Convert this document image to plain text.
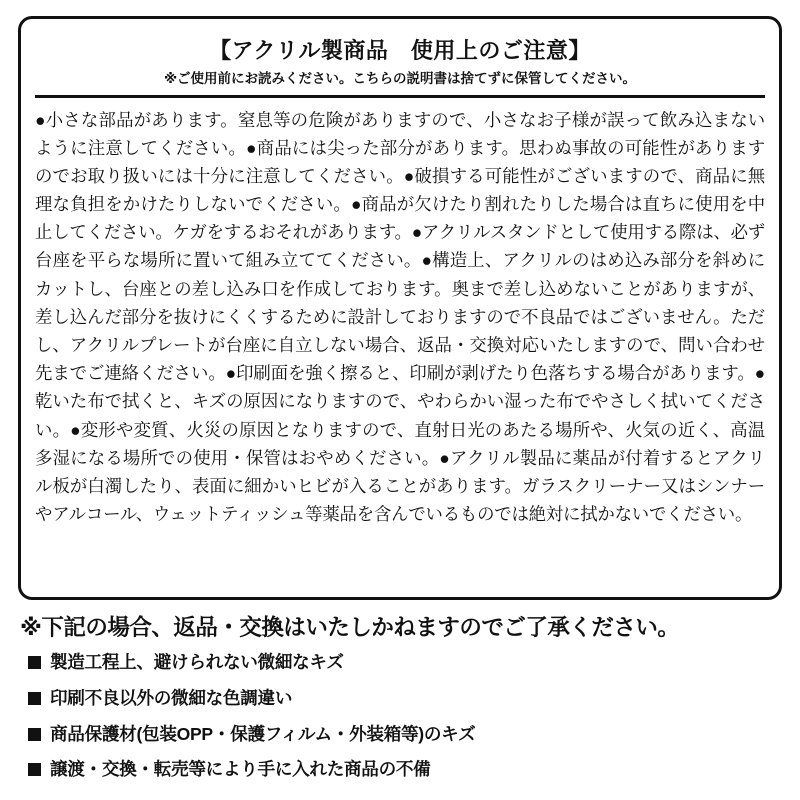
【アクリル製商品　使用上のご注意】
※ご使用前にお読みください。こちらの説明書は捨てずに保管してください。
●小さな部品があります。窒息等の危険がありますので、小さなお子様が誤って飲み込まないように注意してください。●商品には尖った部分があります。思わぬ事故の可能性がありますのでお取り扱いには十分に注意してください。●破損する可能性がございますので、商品に無理な負担をかけたりしないでください。●商品が欠けたり割れたりした場合は直ちに使用を中止してください。ケガをするおそれがあります。●アクリルスタンドとして使用する際は、必ず台座を平らな場所に置いて組み立ててください。●構造上、アクリルのはめ込み部分を斜めにカットし、台座との差し込み口を作成しております。奥まで差し込めないことがありますが、差し込んだ部分を抜けにくくするために設計しておりますので不良品ではございません。ただし、アクリルプレートが台座に自立しない場合、返品・交換対応いたしますので、問い合わせ先までご連絡ください。●印刷面を強く擦ると、印刷が剥げたり色落ちする場合があります。●乾いた布で拭くと、キズの原因になりますので、やわらかい湿った布でやさしく拭いてください。●変形や変質、火災の原因となりますので、直射日光のあたる場所や、火気の近く、高温多湿になる場所での使用・保管はおやめください。●アクリル製品に薬品が付着するとアクリル板が白濁したり、表面に細かいヒビが入ることがあります。ガラスクリーナー又はシンナーやアルコール、ウェットティッシュ等薬品を含んでいるものでは絶対に拭かないでください。
※下記の場合、返品・交換はいたしかねますのでご了承ください。
製造工程上、避けられない微細なキズ
印刷不良以外の微細な色調違い
商品保護材(包装OPP・保護フィルム・外装箱等)のキズ
譲渡・交換・転売等により手に入れた商品の不備
